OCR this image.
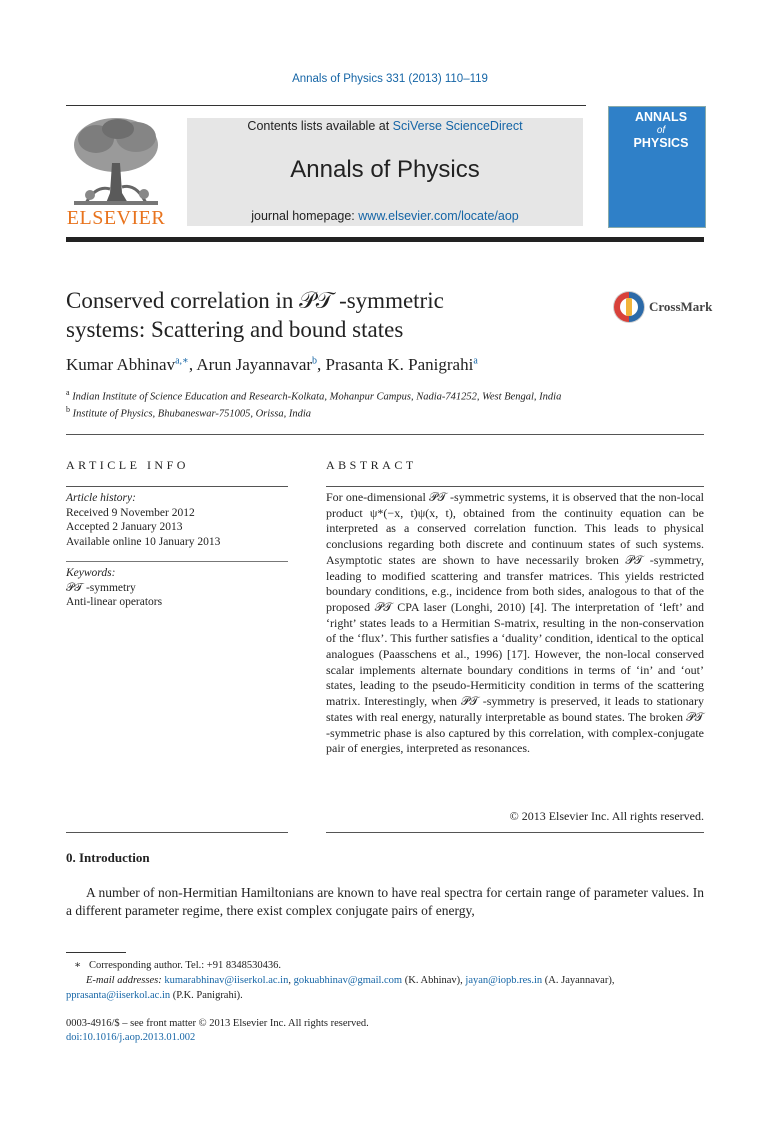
Annals of Physics 331 (2013) 110–119
ELSEVIER
Contents lists available at SciVerse ScienceDirect
Annals of Physics
journal homepage: www.elsevier.com/locate/aop
ANNALS
of
PHYSICS
Conserved correlation in 𝒫𝒯 -symmetric
systems: Scattering and bound states
CrossMark
Kumar Abhinav$^{a,∗}$, Arun Jayannavar$^b$, Prasanta K. Panigrahi$^a$
$^a$ Indian Institute of Science Education and Research-Kolkata, Mohanpur Campus, Nadia-741252, West Bengal, India
$^b$ Institute of Physics, Bhubaneswar-751005, Orissa, India
ARTICLE INFO
Article history:
Received 9 November 2012
Accepted 2 January 2013
Available online 10 January 2013
Keywords:
𝒫𝒯 -symmetry
Anti-linear operators
ABSTRACT
For one-dimensional 𝒫𝒯 -symmetric systems, it is observed that the non-local product ψ*(−x, t)ψ(x, t), obtained from the continuity equation can be interpreted as a conserved correlation function. This leads to physical conclusions regarding both discrete and continuum states of such systems. Asymptotic states are shown to have necessarily broken 𝒫𝒯 -symmetry, leading to modified scattering and transfer matrices. This yields restricted boundary conditions, e.g., incidence from both sides, analogous to that of the proposed 𝒫𝒯 CPA laser (Longhi, 2010) [4]. The interpretation of ‘left’ and ‘right’ states leads to a Hermitian S-matrix, resulting in the non-conservation of the ‘flux’. This further satisfies a ‘duality’ condition, identical to the optical analogues (Paasschens et al., 1996) [17]. However, the non-local conserved scalar implements alternate boundary conditions in terms of ‘in’ and ‘out’ states, leading to the pseudo-Hermiticity condition in terms of the scattering matrix. Interestingly, when 𝒫𝒯 -symmetry is preserved, it leads to stationary states with real energy, naturally interpretable as bound states. The broken 𝒫𝒯 -symmetric phase is also captured by this correlation, with complex-conjugate pair of energies, interpreted as resonances.
© 2013 Elsevier Inc. All rights reserved.
0. Introduction
A number of non-Hermitian Hamiltonians are known to have real spectra for certain range of parameter values. In a different parameter regime, there exist complex conjugate pairs of energy,
∗ Corresponding author. Tel.: +91 8348530436.
E-mail addresses: kumarabhinav@iiserkol.ac.in, gokuabhinav@gmail.com (K. Abhinav), jayan@iopb.res.in (A. Jayannavar),
pprasanta@iiserkol.ac.in (P.K. Panigrahi).
0003-4916/$ – see front matter © 2013 Elsevier Inc. All rights reserved.
doi:10.1016/j.aop.2013.01.002
